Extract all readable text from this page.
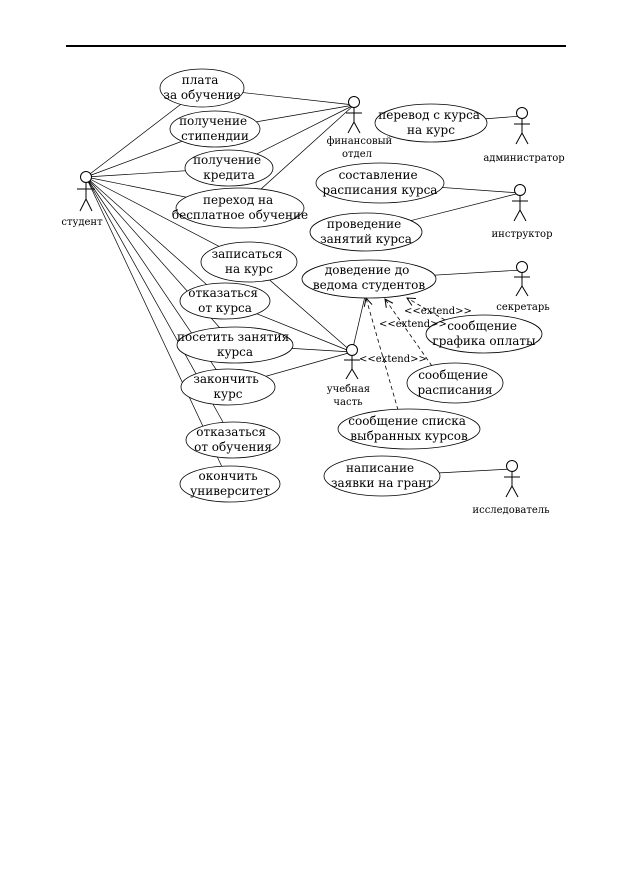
студент
финансовый отдел	администратор
инструктор
секретарь
учебная часть
исследователь
плата за обучение
получение стипендии
получение кредита
переход на бесплатное обучение
записаться на курс
отказаться от курса
посетить занятия курса
закончить курс
отказаться от обучения
окончить университет
перевод с курса на курс
составление расписания курса
проведение занятий курса
доведение до ведома студентов
сообщение графика оплаты
сообщение расписания
сообщение списка выбранных курсов
написание заявки на грант
<<extend>>
<<extend>>
<<extend>>
